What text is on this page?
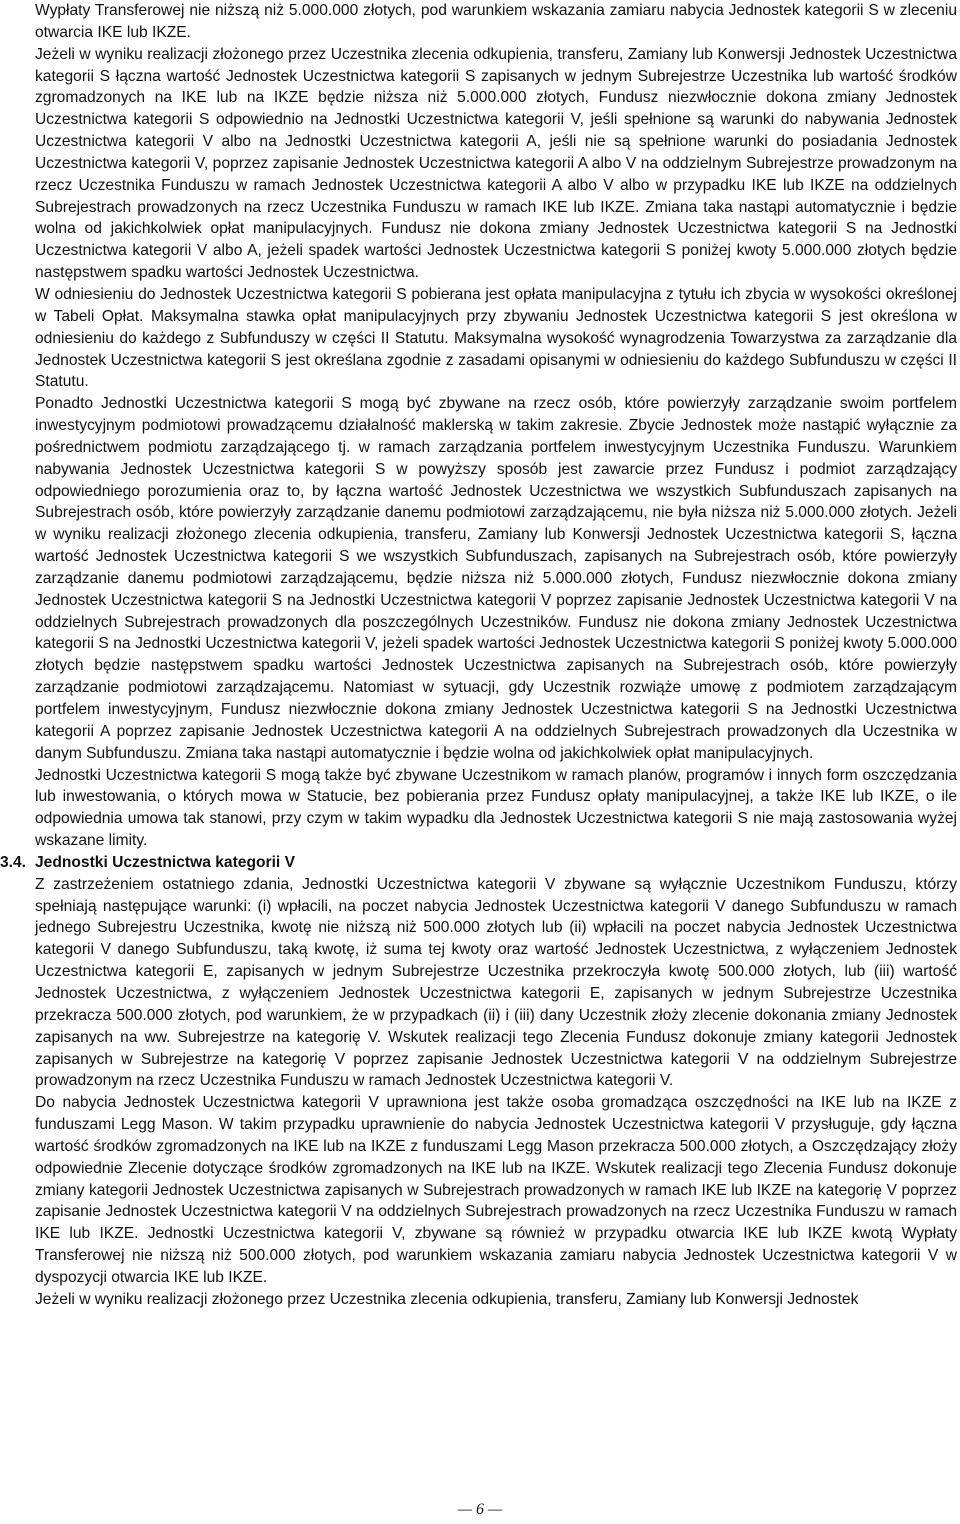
Wypłaty Transferowej nie niższą niż 5.000.000 złotych, pod warunkiem wskazania zamiaru nabycia Jednostek kategorii S w zleceniu otwarcia IKE lub IKZE.

Jeżeli w wyniku realizacji złożonego przez Uczestnika zlecenia odkupienia, transferu, Zamiany lub Konwersji Jednostek Uczestnictwa kategorii S łączna wartość Jednostek Uczestnictwa kategorii S zapisanych w jednym Subrejestrze Uczestnika lub wartość środków zgromadzonych na IKE lub na IKZE będzie niższa niż 5.000.000 złotych, Fundusz niezwłocznie dokona zmiany Jednostek Uczestnictwa kategorii S odpowiednio na Jednostki Uczestnictwa kategorii V, jeśli spełnione są warunki do nabywania Jednostek Uczestnictwa kategorii V albo na Jednostki Uczestnictwa kategorii A, jeśli nie są spełnione warunki do posiadania Jednostek Uczestnictwa kategorii V, poprzez zapisanie Jednostek Uczestnictwa kategorii A albo V na oddzielnym Subrejestrze prowadzonym na rzecz Uczestnika Funduszu w ramach Jednostek Uczestnictwa kategorii A albo V albo w przypadku IKE lub IKZE na oddzielnych Subrejestrach prowadzonych na rzecz Uczestnika Funduszu w ramach IKE lub IKZE. Zmiana taka nastąpi automatycznie i będzie wolna od jakichkolwiek opłat manipulacyjnych. Fundusz nie dokona zmiany Jednostek Uczestnictwa kategorii S na Jednostki Uczestnictwa kategorii V albo A, jeżeli spadek wartości Jednostek Uczestnictwa kategorii S poniżej kwoty 5.000.000 złotych będzie następstwem spadku wartości Jednostek Uczestnictwa.

W odniesieniu do Jednostek Uczestnictwa kategorii S pobierana jest opłata manipulacyjna z tytułu ich zbycia w wysokości określonej w Tabeli Opłat. Maksymalna stawka opłat manipulacyjnych przy zbywaniu Jednostek Uczestnictwa kategorii S jest określona w odniesieniu do każdego z Subfunduszy w części II Statutu. Maksymalna wysokość wynagrodzenia Towarzystwa za zarządzanie dla Jednostek Uczestnictwa kategorii S jest określana zgodnie z zasadami opisanymi w odniesieniu do każdego Subfunduszu w części II Statutu.

Ponadto Jednostki Uczestnictwa kategorii S mogą być zbywane na rzecz osób, które powierzyły zarządzanie swoim portfelem inwestycyjnym podmiotowi prowadzącemu działalność maklerską w takim zakresie. Zbycie Jednostek może nastąpić wyłącznie za pośrednictwem podmiotu zarządzającego tj. w ramach zarządzania portfelem inwestycyjnym Uczestnika Funduszu. Warunkiem nabywania Jednostek Uczestnictwa kategorii S w powyższy sposób jest zawarcie przez Fundusz i podmiot zarządzający odpowiedniego porozumienia oraz to, by łączna wartość Jednostek Uczestnictwa we wszystkich Subfunduszach zapisanych na Subrejestrach osób, które powierzyły zarządzanie danemu podmiotowi zarządzającemu, nie była niższa niż 5.000.000 złotych. Jeżeli w wyniku realizacji złożonego zlecenia odkupienia, transferu, Zamiany lub Konwersji Jednostek Uczestnictwa kategorii S, łączna wartość Jednostek Uczestnictwa kategorii S we wszystkich Subfunduszach, zapisanych na Subrejestrach osób, które powierzyły zarządzanie danemu podmiotowi zarządzającemu, będzie niższa niż 5.000.000 złotych, Fundusz niezwłocznie dokona zmiany Jednostek Uczestnictwa kategorii S na Jednostki Uczestnictwa kategorii V poprzez zapisanie Jednostek Uczestnictwa kategorii V na oddzielnych Subrejestrach prowadzonych dla poszczególnych Uczestników. Fundusz nie dokona zmiany Jednostek Uczestnictwa kategorii S na Jednostki Uczestnictwa kategorii V, jeżeli spadek wartości Jednostek Uczestnictwa kategorii S poniżej kwoty 5.000.000 złotych będzie następstwem spadku wartości Jednostek Uczestnictwa zapisanych na Subrejestrach osób, które powierzyły zarządzanie podmiotowi zarządzającemu. Natomiast w sytuacji, gdy Uczestnik rozwiąże umowę z podmiotem zarządzającym portfelem inwestycyjnym, Fundusz niezwłocznie dokona zmiany Jednostek Uczestnictwa kategorii S na Jednostki Uczestnictwa kategorii A poprzez zapisanie Jednostek Uczestnictwa kategorii A na oddzielnych Subrejestrach prowadzonych dla Uczestnika w danym Subfunduszu. Zmiana taka nastąpi automatycznie i będzie wolna od jakichkolwiek opłat manipulacyjnych.

Jednostki Uczestnictwa kategorii S mogą także być zbywane Uczestnikom w ramach planów, programów i innych form oszczędzania lub inwestowania, o których mowa w Statucie, bez pobierania przez Fundusz opłaty manipulacyjnej, a także IKE lub IKZE, o ile odpowiednia umowa tak stanowi, przy czym w takim wypadku dla Jednostek Uczestnictwa kategorii S nie mają zastosowania wyżej wskazane limity.

3.4. Jednostki Uczestnictwa kategorii V

Z zastrzeżeniem ostatniego zdania, Jednostki Uczestnictwa kategorii V zbywane są wyłącznie Uczestnikom Funduszu, którzy spełniają następujące warunki: (i) wpłacili, na poczet nabycia Jednostek Uczestnictwa kategorii V danego Subfunduszu w ramach jednego Subrejestru Uczestnika, kwotę nie niższą niż 500.000 złotych lub (ii) wpłacili na poczet nabycia Jednostek Uczestnictwa kategorii V danego Subfunduszu, taką kwotę, iż suma tej kwoty oraz wartość Jednostek Uczestnictwa, z wyłączeniem Jednostek Uczestnictwa kategorii E, zapisanych w jednym Subrejestrze Uczestnika przekroczyła kwotę 500.000 złotych, lub (iii) wartość Jednostek Uczestnictwa, z wyłączeniem Jednostek Uczestnictwa kategorii E, zapisanych w jednym Subrejestrze Uczestnika przekracza 500.000 złotych, pod warunkiem, że w przypadkach (ii) i (iii) dany Uczestnik złoży zlecenie dokonania zmiany Jednostek zapisanych na ww. Subrejestrze na kategorię V. Wskutek realizacji tego Zlecenia Fundusz dokonuje zmiany kategorii Jednostek zapisanych w Subrejestrze na kategorię V poprzez zapisanie Jednostek Uczestnictwa kategorii V na oddzielnym Subrejestrze prowadzonym na rzecz Uczestnika Funduszu w ramach Jednostek Uczestnictwa kategorii V.

Do nabycia Jednostek Uczestnictwa kategorii V uprawniona jest także osoba gromadząca oszczędności na IKE lub na IKZE z funduszami Legg Mason. W takim przypadku uprawnienie do nabycia Jednostek Uczestnictwa kategorii V przysługuje, gdy łączna wartość środków zgromadzonych na IKE lub na IKZE z funduszami Legg Mason przekracza 500.000 złotych, a Oszczędzający złoży odpowiednie Zlecenie dotyczące środków zgromadzonych na IKE lub na IKZE. Wskutek realizacji tego Zlecenia Fundusz dokonuje zmiany kategorii Jednostek Uczestnictwa zapisanych w Subrejestrach prowadzonych w ramach IKE lub IKZE na kategorię V poprzez zapisanie Jednostek Uczestnictwa kategorii V na oddzielnych Subrejestrach prowadzonych na rzecz Uczestnika Funduszu w ramach IKE lub IKZE. Jednostki Uczestnictwa kategorii V, zbywane są również w przypadku otwarcia IKE lub IKZE kwotą Wypłaty Transferowej nie niższą niż 500.000 złotych, pod warunkiem wskazania zamiaru nabycia Jednostek Uczestnictwa kategorii V w dyspozycji otwarcia IKE lub IKZE.

Jeżeli w wyniku realizacji złożonego przez Uczestnika zlecenia odkupienia, transferu, Zamiany lub Konwersji Jednostek

— 6 —
